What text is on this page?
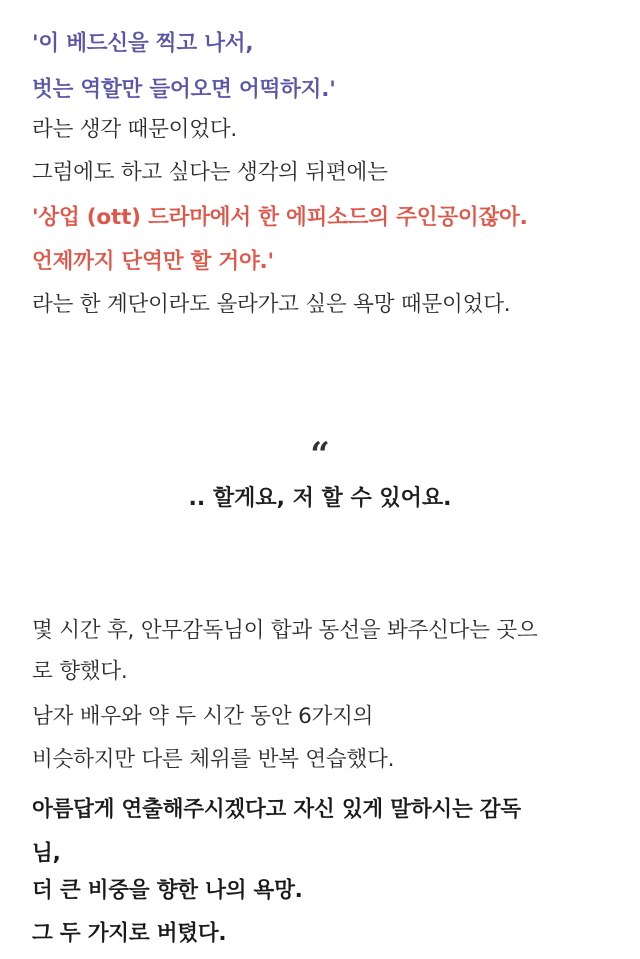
'이 베드신을 찍고 나서,
벗는 역할만 들어오면 어떡하지.'
라는 생각 때문이었다.
그럼에도 하고 싶다는 생각의 뒤편에는
'상업 (ott) 드라마에서 한 에피소드의 주인공이잖아.
언제까지 단역만 할 거야.'
라는 한 계단이라도 올라가고 싶은 욕망 때문이었다.
몇 시간 후, 안무감독님이 합과 동선을 봐주신다는 곳으
로 향했다.
남자 배우와 약 두 시간 동안 6가지의
비슷하지만 다른 체위를 반복 연습했다.
아름답게 연출해주시겠다고 자신 있게 말하시는 감독
님,
더 큰 비중을 향한 나의 욕망.
그 두 가지로 버텼다.
“
.. 할게요, 저 할 수 있어요.
